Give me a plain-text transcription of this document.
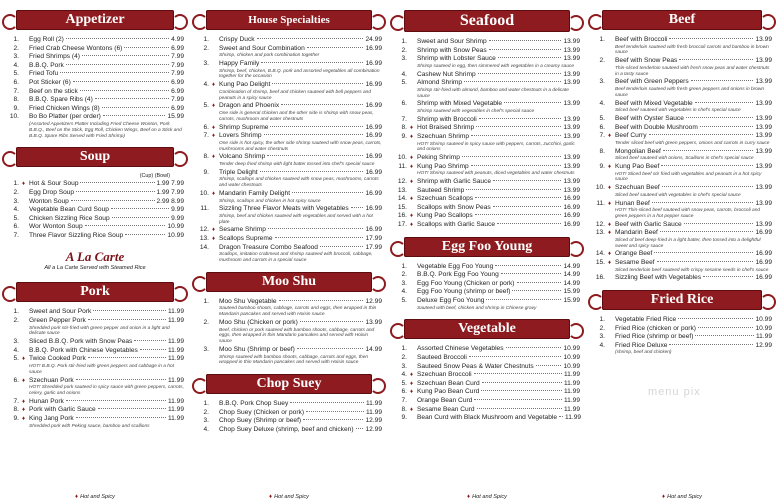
Appetizer
1. Egg Roll (2)	4.99
2. Fried Crab Cheese Wontons (6)	6.99
3. Fried Shrimps (4)	7.99
4. B.B.Q. Pork	7.99
5. Fried Tofu	7.99
6. Pot Sticker (6)	6.99
7. Beef on the stick	6.99
8. B.B.Q. Spare Ribs (4)	7.99
9. Fried Chicken Wings (8)	6.99
10. Bo Bo Platter (per order)	15.99
(Assorted Appetizers Platter Including Fried Cheese Wonton, Pork B.B.Q., Beef on the Stick, Egg Roll, Chicken Wings, Beef on a Stick and B.B.Q. Spare Ribs Served with Fried Shrimp)
Soup
(Cup) (Bowl)
1. ♦ Hot & Sour Soup	1.99 7.99
2. Egg Drop Soup	1.99 7.99
3. Wonton Soup	2.99 8.99
4. Vegetable Bean Curd Soup	9.99
5. Chicken Sizzling Rice Soup	9.99
6. Wor Wonton Soup	10.99
7. Three Flavor Sizzling Rice Soup	10.99
A La Carte
All a La Carte Served with Steamed Rice
Pork
1. Sweet and Sour Pork	11.99
2. Green Pepper Pork	11.99
Shredded pork stir-fried with green pepper and onion in a light and delicate sauce
3. Sliced B.B.Q. Pork with Snow Peas	11.99
4. B.B.Q. Pork with Chinese Vegetables	11.99
5. ♦ Twice Cooked Pork	11.99
HOT! B.B.Q. Pork stir-fried with green peppers and cabbage in a hot sauce
6. ♦ Szechuan Pork	11.99
HOT! Shredded pork sauteed in spicy sauce with green peppers, carrots, celery, garlic and onions
7. ♦ Hunan Pork	11.99
8. ♦ Pork with Garlic Sauce	11.99
9. ♦ King Jang Pork	11.99
Shredded pork with Peking sauce, bamboo and scallions
♦ Hot and Spicy
House Specialties
1. Crispy Duck	24.99
2. Sweet and Sour Combination	16.99
Shrimp, chicken and pork combination together
3. Happy Family	16.99
Shrimp, beef, chicken, B.B.Q. pork and assorted vegetables all combination together for the occasion
4. ♦ Kung Pao Delight	16.99
Combination of shrimp, beef and chicken sauteed with bell peppers and peanuts in a spicy sauce
5. ♦ Dragon and Phoenix	16.99
One side is general chicken and the other side is shrimp with snow peas, carrots, mushroom and water chestnuts
6. ♦ Shrimp Supreme	16.99
7. ♦ Lovers Shrimp	16.99
One side is hot spicy, the other side shrimp sauteed with snow peas, carrots, mushrooms and water chestnuts
8. ♦ Volcano Shrimp	16.99
Tender deep fried shrimp with light batter tossed into chef's special sauce
9. Triple Delight	16.99
Shrimp, scallops and chicken sauteed with snow peas, mushrooms, carrots and water chestnuts
10. ♦ Mandarin Family Delight	16.99
Shrimp, scallops and chicken in hot spicy sauce
11. Sizzling Three Flavor Meats with Vegetables	16.99
Shrimp, beef and chicken sauteed with vegetables and served with a hot plate
12. ♦ Sesame Shrimp	16.99
13. ♦ Scallops Supreme	17.99
14. Dragon Treasure Combo Seafood	17.99
Scallops, imitation crabmeat and shrimp sauteed with broccoli, cabbage, mushroom and carrots in a special sauce
Moo Shu
1. Moo Shu Vegetable	12.99
Sauteed bamboo shoots, cabbage, carrots and eggs, then wrapped in thin Mandarin pancakes and served with Hoisin sauce
2. Moo Shu (Chicken or pork)	13.99
Beef, chicken or pork sauteed with bamboo shoots, cabbage, carrots and eggs, then wrapped in thin Mandarin pancakes and served with Hoisin sauce
3. Moo Shu (Shrimp or beef)	14.99
Shrimp sauteed with bamboo shoots, cabbage, carrots and eggs, then wrapped in thin Mandarin pancakes and served with Hoisin sauce
Chop Suey
1. B.B.Q. Pork Chop Suey	11.99
2. Chop Suey (Chicken or pork)	11.99
3. Chop Suey (Shrimp or beef)	12.99
4. Chop Suey Deluxe (shrimp, beef and chicken) 12.99
♦ Hot and Spicy
Seafood
1. Sweet and Sour Shrimp	13.99
2. Shrimp with Snow Peas	13.99
3. Shrimp with Lobster Sauce	13.99
Shrimp sauteed in egg, then simmered with vegetables in a creamy sauce
4. Cashew Nut Shrimp	13.99
5. Almond Shrimp	13.99
Shrimp stir-fried with almond, bamboo and water chestnuts in a delicate sauce
6. Shrimp with Mixed Vegetable	13.99
Shrimp sauteed with vegetables in chef's special sauce
7. Shrimp with Broccoli	13.99
8. ♦ Hot Braised Shrimp	13.99
9. ♦ Szechuan Shrimp	13.99
HOT! Shrimp sauteed in spicy sauce with peppers, carrots, zucchini, garlic and onions
10. ♦ Peking Shrimp	13.99
11. ♦ Kung Pao Shrimp	13.99
HOT! Shrimp sauteed with peanuts, diced vegetables and water chestnuts
12. ♦ Shrimp with Garlic Sauce	13.99
13. Sauteed Shrimp	13.99
14. ♦ Szechuan Scallops	16.99
15. Scallops with Snow Peas	16.99
16. ♦ Kung Pao Scallops	16.99
17. ♦ Scallops with Garlic Sauce	16.99
Egg Foo Young
1. Vegetable Egg Foo Young	14.99
2. B.B.Q. Pork Egg Foo Young	14.99
3. Egg Foo Young (Chicken or pork)	14.99
4. Egg Foo Young (shrimp or beef)	15.99
5. Deluxe Egg Foo Young	15.99
Sauteed with beef, chicken and shrimp in Chinese gravy
Vegetable
1. Assorted Chinese Vegetables	10.99
2. Sauteed Broccoli	10.99
3. Sauteed Snow Peas & Water Chestnuts	10.99
4. ♦ Szechuan Broccoli	11.99
5. ♦ Szechuan Bean Curd	11.99
6. ♦ Kung Pao Bean Curd	11.99
7. Orange Bean Curd	11.99
8. ♦ Sesame Bean Curd	11.99
9. Bean Curd with Black Mushroom and Vegetable 11.99
♦ Hot and Spicy
Beef
1. Beef with Broccoli	13.99
Beef tenderloin sauteed with fresh broccoli carrots and bamboo in brown sauce
2. Beef with Snow Peas	13.99
Thin-sliced tenderloin sauteed with fresh snow peas and water chestnuts in a tasty sauce
3. Beef with Green Peppers	13.99
Beef tenderloin sauteed with fresh green peppers and onions in brown sauce
4. Beef with Mixed Vegetable	13.99
Sliced beef sauteed with vegetables in chef's special sauce
5. Beef with Oyster Sauce	13.99
6. Beef with Double Mushroom	13.99
7. ♦ Beef Curry	13.99
Tender sliced beef with green peppers, onions and carrots in curry sauce
8. Mongolian Beef	13.99
Sliced beef sauteed with onions, Scallions in chef's special sauce
9. ♦ Kung Pao Beef	13.99
HOT! Sliced beef stir fried with vegetables and peanuts in a hot spicy sauce
10. ♦ Szechuan Beef	13.99
Sliced beef sauteed with vegetables in chef's special sauce
11. ♦ Hunan Beef	13.99
HOT! Thin-sliced beef sauteed with snow peas, carrots, broccoli and green peppers in a hot pepper sauce
12. ♦ Beef with Garlic Sauce	13.99
13. ♦ Mandarin Beef	16.99
Sliced of beef deep-fried in a light batter, then tossed into a delightful sweet and spicy sauce
14. ♦ Orange Beef	16.99
15. ♦ Sesame Beef	16.99
Sliced tenderloin beef sauteed with crispy sesame seeds in chef's sauce
16. Sizzling Beef with Vegetables	16.99
Fried Rice
1. Vegetable Fried Rice	10.99
2. Fried Rice (chicken or pork)	10.99
3. Fried Rice (shrimp or beef)	11.99
4. Fried Rice Deluxe	12.99
(shrimp, beef and chicken)
♦ Hot and Spicy
menu pix
